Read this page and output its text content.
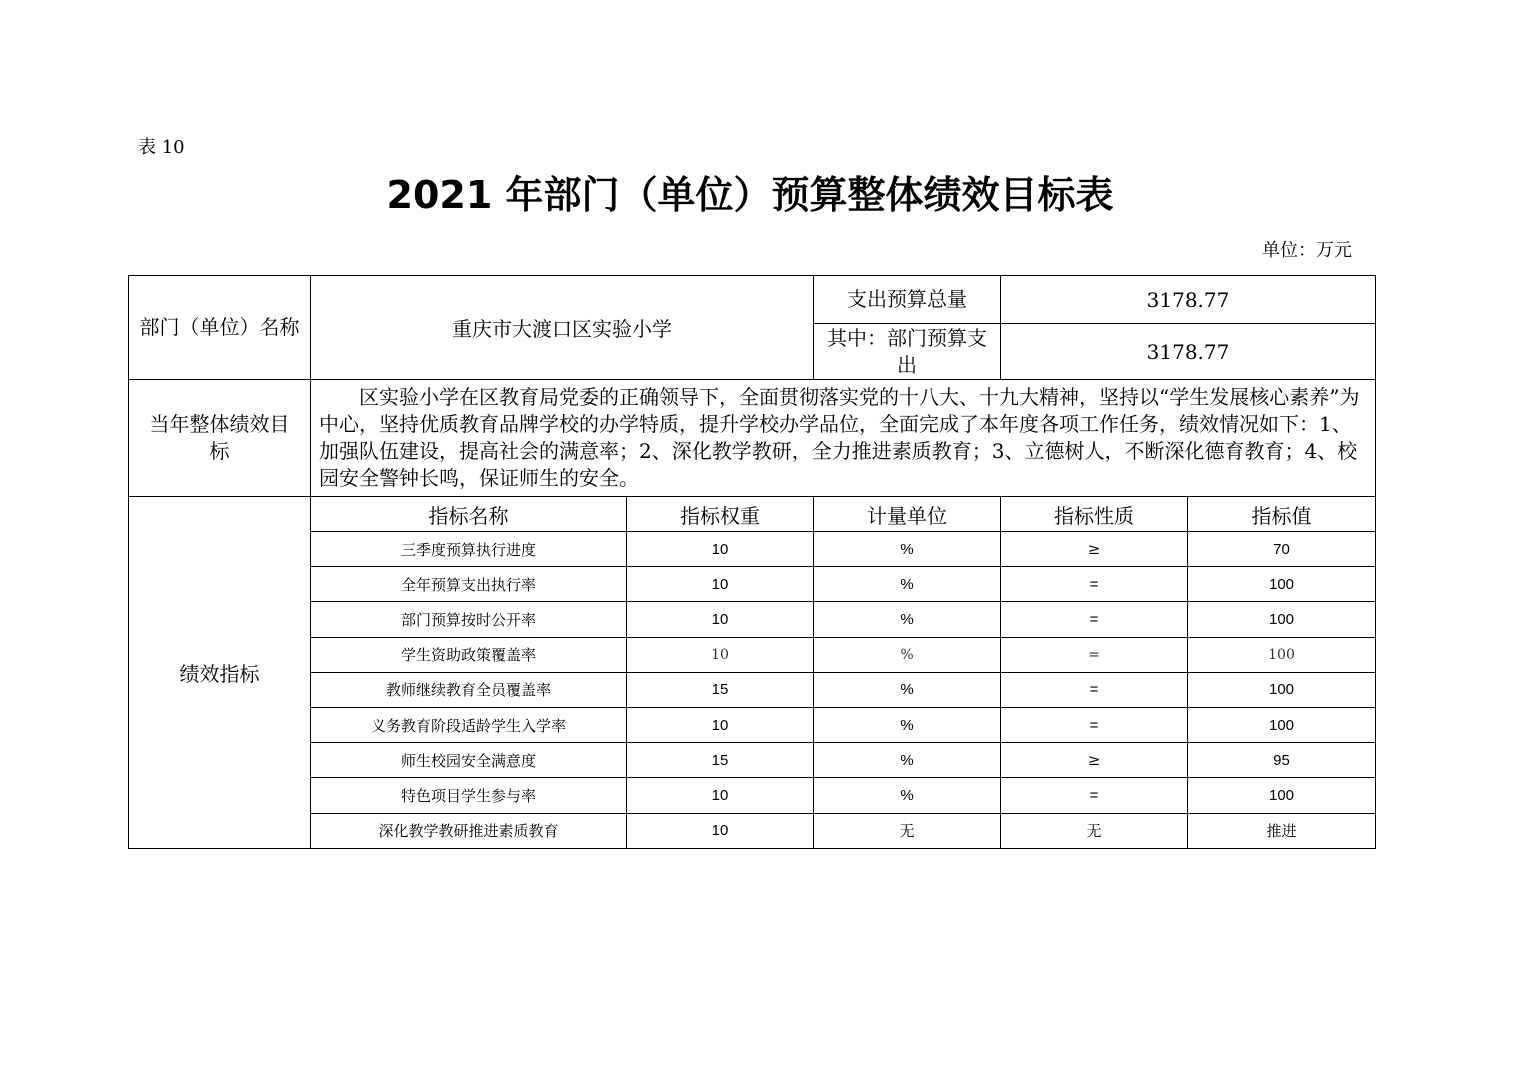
表 10
2021 年部门（单位）预算整体绩效目标表
单位：万元
部门（单位）名称	重庆市大渡口区实验小学		支出预算总量	3178.77	
			其中：部门预算支出	3178.77	
当年整体绩效目标	区实验小学在区教育局党委的正确领导下，全面贯彻落实党的十八大、十九大精神，坚持以“学生发展核心素养”为中心，坚持优质教育品牌学校的办学特质，提升学校办学品位，全面完成了本年度各项工作任务，绩效情况如下：1、加强队伍建设，提高社会的满意率；2、深化教学教研，全力推进素质教育；3、立德树人，不断深化德育教育；4、校园安全警钟长鸣，保证师生的安全。				
绩效指标	指标名称	指标权重	计量单位	指标性质	指标值
	三季度预算执行进度	10	%	≥	70
	全年预算支出执行率	10	%	=	100
	部门预算按时公开率	10	%	=	100
	学生资助政策覆盖率	10	%	=	100
	教师继续教育全员覆盖率	15	%	=	100
	义务教育阶段适龄学生入学率	10	%	=	100
	师生校园安全满意度	15	%	≥	95
	特色项目学生参与率	10	%	=	100
	深化教学教研推进素质教育	10	无	无	推进
